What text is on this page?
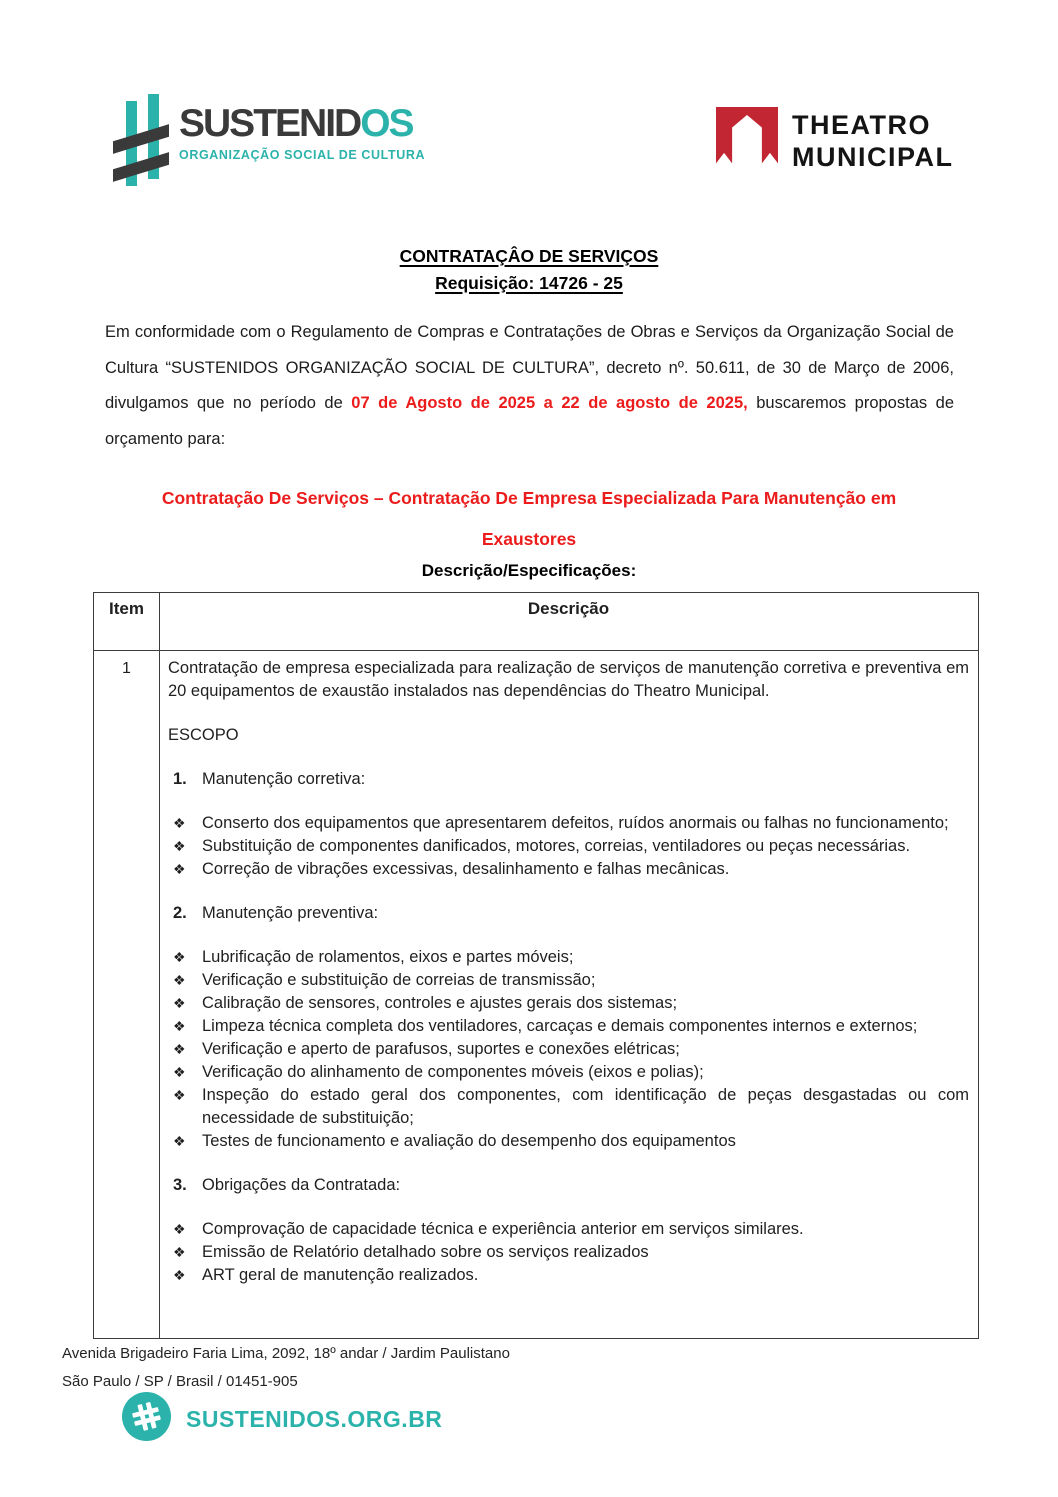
SUSTENIDOS
ORGANIZAÇÃO SOCIAL DE CULTURA
THEATRO
MUNICIPAL
CONTRATAÇÂO DE SERVIÇOS
Requisição: 14726 - 25

Em conformidade com o Regulamento de Compras e Contratações de Obras e Serviços da Organização Social de Cultura “SUSTENIDOS ORGANIZAÇÃO SOCIAL DE CULTURA”, decreto nº. 50.611, de 30 de Março de 2006, divulgamos que no período de 07 de Agosto de 2025 a 22 de agosto de 2025, buscaremos propostas de orçamento para:

Contratação De Serviços – Contratação De Empresa Especializada Para Manutenção em
Exaustores
Descrição/Especificações:
Item	Descrição
1	Contratação de empresa especializada para realização de serviços de manutenção corretiva e preventiva em 20 equipamentos de exaustão instalados nas dependências do Theatro Municipal.

ESCOPO
1. Manutenção corretiva:
❖ Conserto dos equipamentos que apresentarem defeitos, ruídos anormais ou falhas no funcionamento;
❖ Substituição de componentes danificados, motores, correias, ventiladores ou peças necessárias.
❖ Correção de vibrações excessivas, desalinhamento e falhas mecânicas.
2. Manutenção preventiva:
❖ Lubrificação de rolamentos, eixos e partes móveis;
❖ Verificação e substituição de correias de transmissão;
❖ Calibração de sensores, controles e ajustes gerais dos sistemas;
❖ Limpeza técnica completa dos ventiladores, carcaças e demais componentes internos e externos;
❖ Verificação e aperto de parafusos, suportes e conexões elétricas;
❖ Verificação do alinhamento de componentes móveis (eixos e polias);
❖ Inspeção do estado geral dos componentes, com identificação de peças desgastadas ou com necessidade de substituição;
❖ Testes de funcionamento e avaliação do desempenho dos equipamentos
3. Obrigações da Contratada:
❖ Comprovação de capacidade técnica e experiência anterior em serviços similares.
❖ Emissão de Relatório detalhado sobre os serviços realizados
❖ ART geral de manutenção realizados.
Avenida Brigadeiro Faria Lima, 2092, 18º andar / Jardim Paulistano
São Paulo / SP / Brasil / 01451-905
SUSTENIDOS.ORG.BR
